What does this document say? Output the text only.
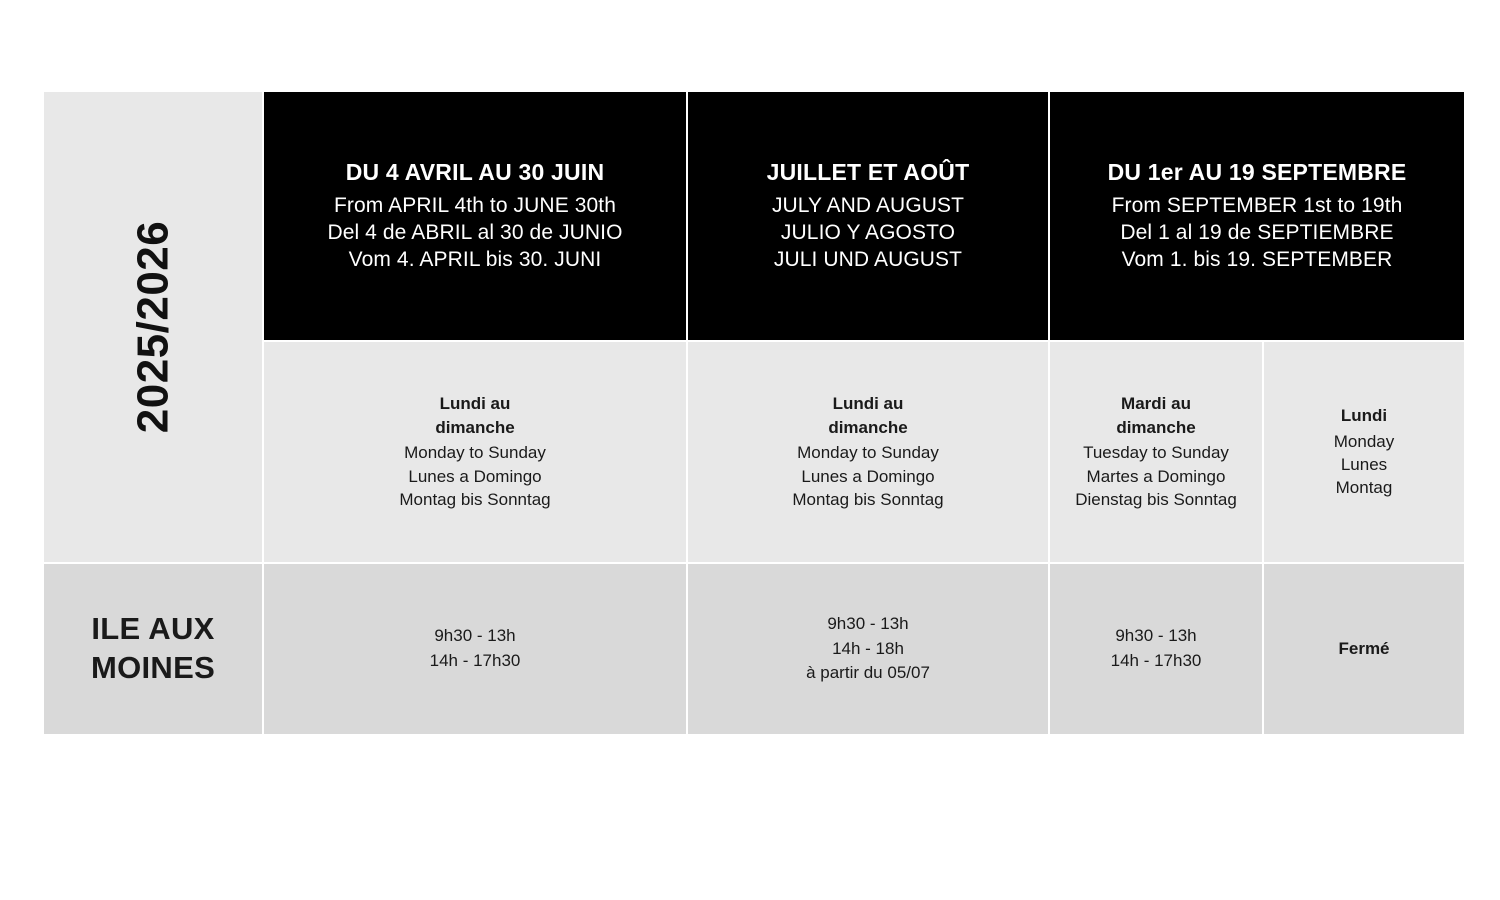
2025/2026
DU 4 AVRIL AU 30 JUIN
From APRIL 4th to JUNE 30th
Del 4 de ABRIL al 30 de JUNIO
Vom 4. APRIL bis 30. JUNI
JUILLET ET AOÛT
JULY AND AUGUST
JULIO Y AGOSTO
JULI UND AUGUST
DU 1er AU 19 SEPTEMBRE
From SEPTEMBER 1st to 19th
Del 1 al 19 de SEPTIEMBRE
Vom 1. bis 19. SEPTEMBER
Lundi au dimanche
Monday to Sunday
Lunes a Domingo
Montag bis Sonntag
Lundi au dimanche
Monday to Sunday
Lunes a Domingo
Montag bis Sonntag
Mardi au dimanche
Tuesday to Sunday
Martes a Domingo
Dienstag bis Sonntag
Lundi
Monday
Lunes
Montag
ILE AUX MOINES
9h30 - 13h
14h - 17h30
9h30 - 13h
14h - 18h
à partir du 05/07
9h30 - 13h
14h - 17h30
Fermé
